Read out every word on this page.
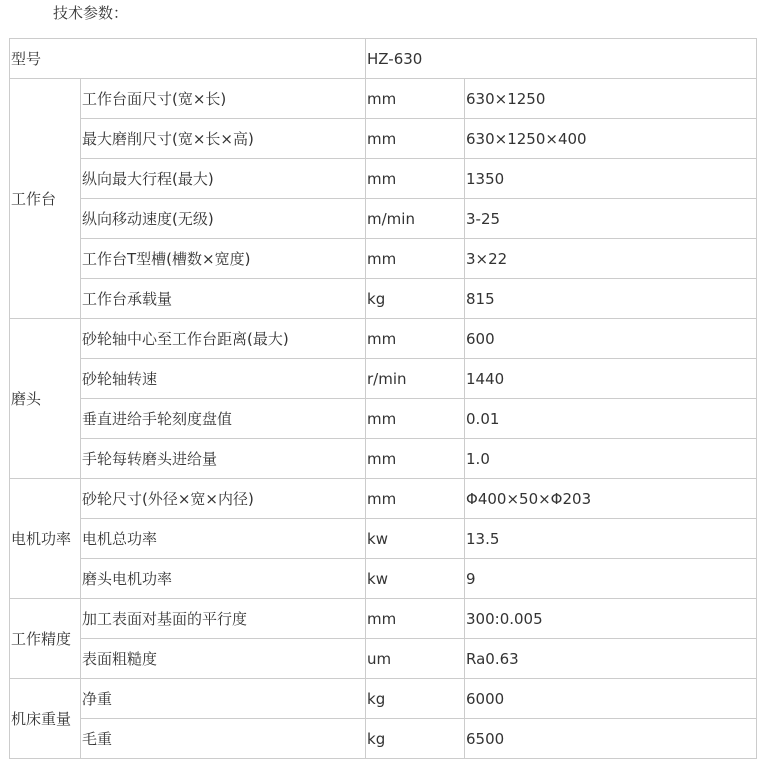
技术参数：
型号		HZ-630	
工作台	工作台面尺寸(宽×长)	mm	630×1250
	最大磨削尺寸(宽×长×高)	mm	630×1250×400
	纵向最大行程(最大)	mm	1350
	纵向移动速度(无级)	m/min	3-25
	工作台T型槽(槽数×宽度)	mm	3×22
	工作台承载量	kg	815
磨头	砂轮轴中心至工作台距离(最大)	mm	600
	砂轮轴转速	r/min	1440
	垂直进给手轮刻度盘值	mm	0.01
	手轮每转磨头进给量	mm	1.0
电机功率	砂轮尺寸(外径×宽×内径)	mm	Φ400×50×Φ203
	电机总功率	kw	13.5
	磨头电机功率	kw	9
工作精度	加工表面对基面的平行度	mm	300:0.005
	表面粗糙度	um	Ra0.63
机床重量	净重	kg	6000
	毛重	kg	6500
